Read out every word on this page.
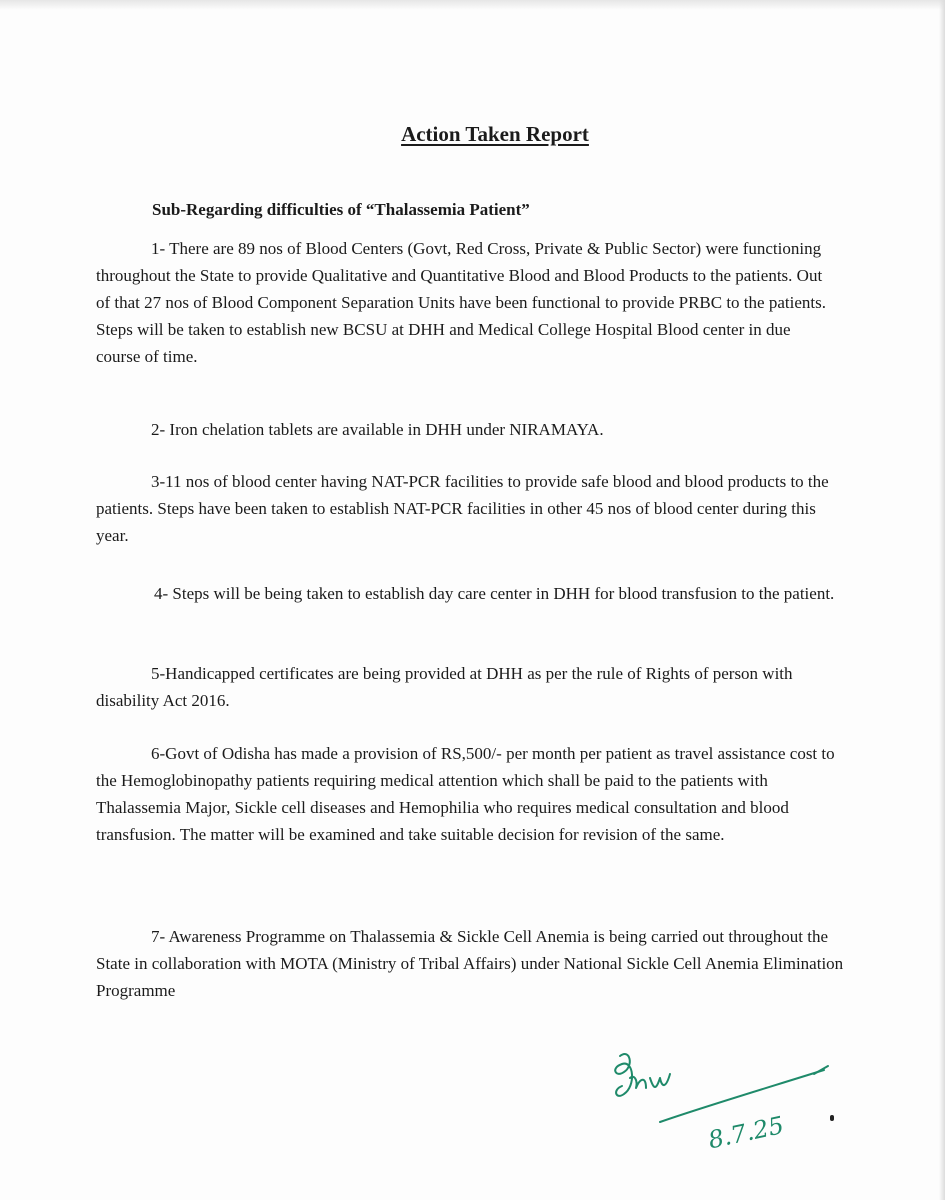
Action Taken Report

Sub-Regarding difficulties of “Thalassemia Patient”

1- There are 89 nos of Blood Centers (Govt, Red Cross, Private & Public Sector) were functioning throughout the State to provide Qualitative and Quantitative Blood and Blood Products to the patients. Out of that 27 nos of Blood Component Separation Units have been functional to provide PRBC to the patients. Steps will be taken to establish new BCSU at DHH and Medical College Hospital Blood center in due course of time.

2- Iron chelation tablets are available in DHH under NIRAMAYA.

3-11 nos of blood center having NAT-PCR facilities to provide safe blood and blood products to the patients. Steps have been taken to establish NAT-PCR facilities in other 45 nos of blood center during this year.

4- Steps will be being taken to establish day care center in DHH for blood transfusion to the patient.

5-Handicapped certificates are being provided at DHH as per the rule of Rights of person with disability Act 2016.

6-Govt of Odisha has made a provision of RS,500/- per month per patient as travel assistance cost to the Hemoglobinopathy patients requiring medical attention which shall be paid to the patients with Thalassemia Major, Sickle cell diseases and Hemophilia who requires medical consultation and blood transfusion. The matter will be examined and take suitable decision for revision of the same.

7- Awareness Programme on Thalassemia & Sickle Cell Anemia is being carried out throughout the State in collaboration with MOTA (Ministry of Tribal Affairs) under National Sickle Cell Anemia Elimination Programme

8.7.25
